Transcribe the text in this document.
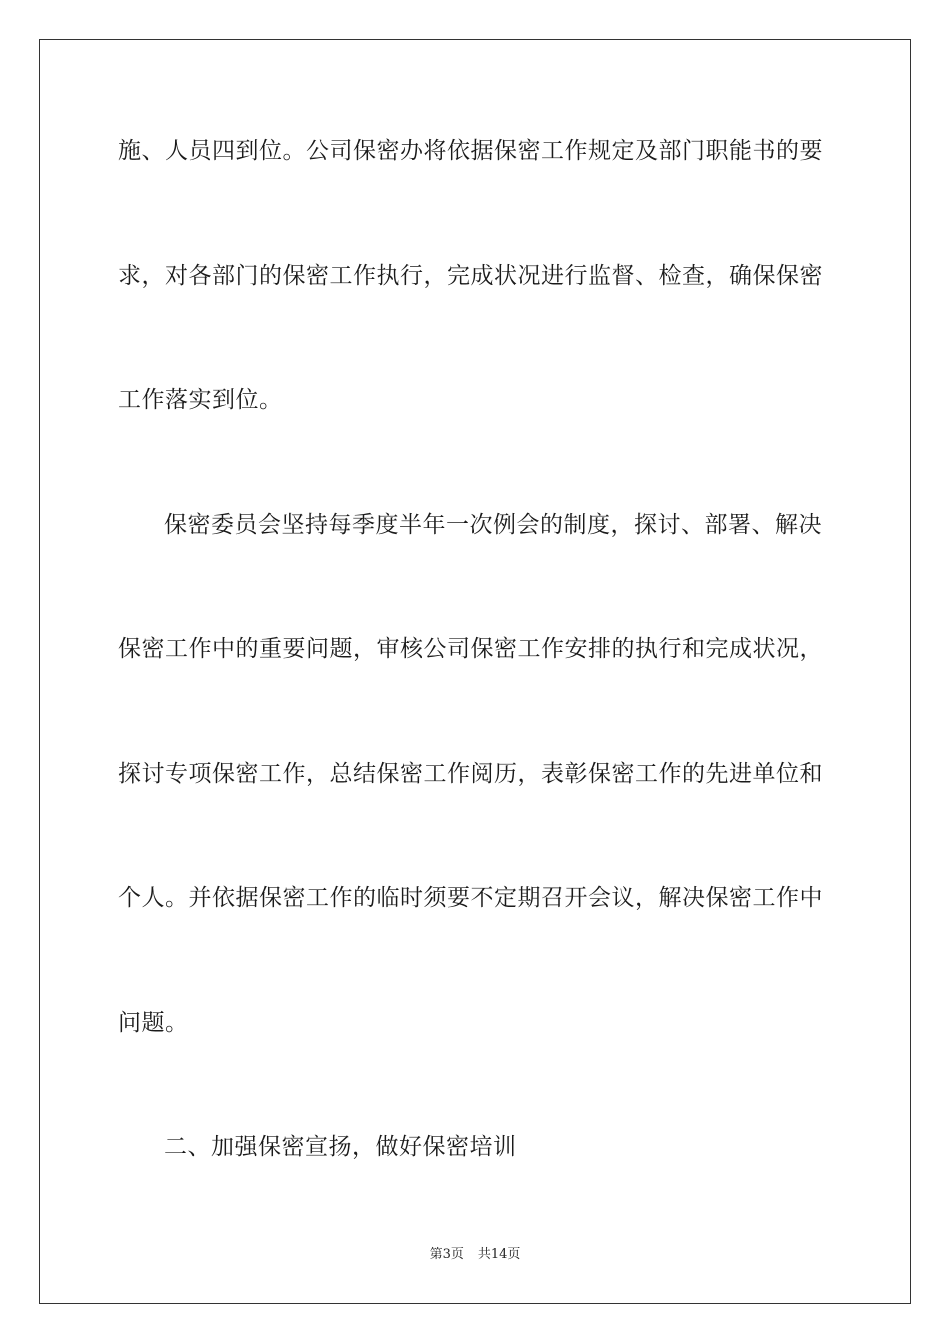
施、人员四到位。公司保密办将依据保密工作规定及部门职能书的要
求，对各部门的保密工作执行，完成状况进行监督、检查，确保保密
工作落实到位。
保密委员会坚持每季度半年一次例会的制度，探讨、部署、解决
保密工作中的重要问题，审核公司保密工作安排的执行和完成状况，
探讨专项保密工作，总结保密工作阅历，表彰保密工作的先进单位和
个人。并依据保密工作的临时须要不定期召开会议，解决保密工作中
问题。
二、加强保密宣扬，做好保密培训
第3页 共14页
